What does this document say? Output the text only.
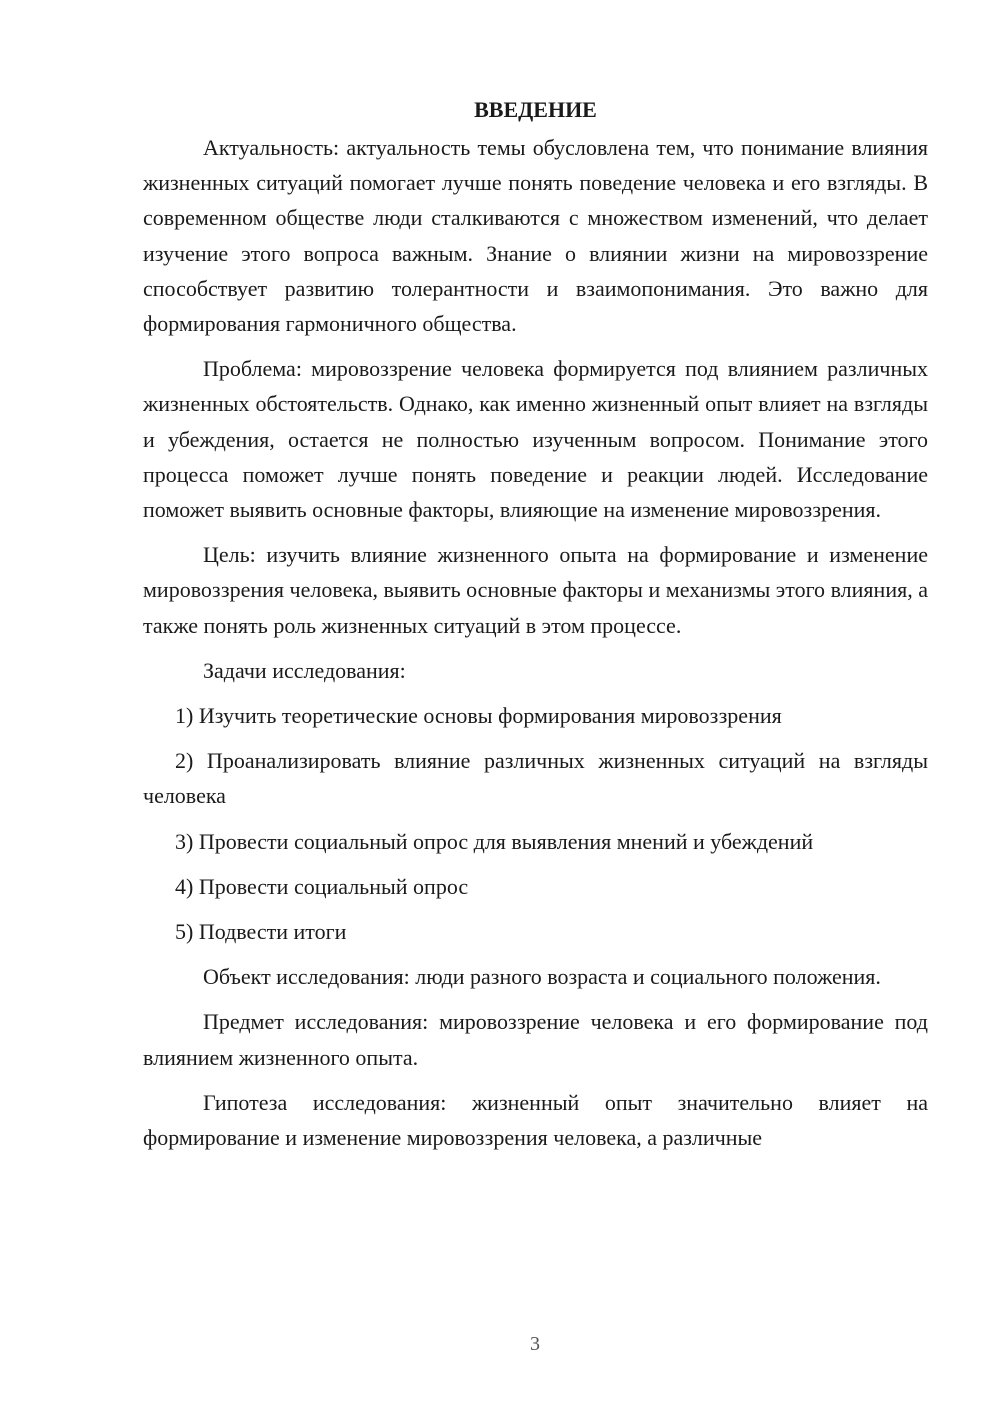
ВВЕДЕНИЕ

Актуальность: актуальность темы обусловлена тем, что понимание влияния жизненных ситуаций помогает лучше понять поведение человека и его взгляды. В современном обществе люди сталкиваются с множеством изменений, что делает изучение этого вопроса важным. Знание о влиянии жизни на мировоззрение способствует развитию толерантности и взаимопонимания. Это важно для формирования гармоничного общества.

Проблема: мировоззрение человека формируется под влиянием различных жизненных обстоятельств. Однако, как именно жизненный опыт влияет на взгляды и убеждения, остается не полностью изученным вопросом. Понимание этого процесса поможет лучше понять поведение и реакции людей. Исследование поможет выявить основные факторы, влияющие на изменение мировоззрения.

Цель: изучить влияние жизненного опыта на формирование и изменение мировоззрения человека, выявить основные факторы и механизмы этого влияния, а также понять роль жизненных ситуаций в этом процессе.

Задачи исследования:

1) Изучить теоретические основы формирования мировоззрения

2) Проанализировать влияние различных жизненных ситуаций на взгляды человека

3) Провести социальный опрос для выявления мнений и убеждений

4) Провести социальный опрос

5) Подвести итоги

Объект исследования: люди разного возраста и социального положения.

Предмет исследования: мировоззрение человека и его формирование под влиянием жизненного опыта.

Гипотеза исследования: жизненный опыт значительно влияет на формирование и изменение мировоззрения человека, а различные

3
